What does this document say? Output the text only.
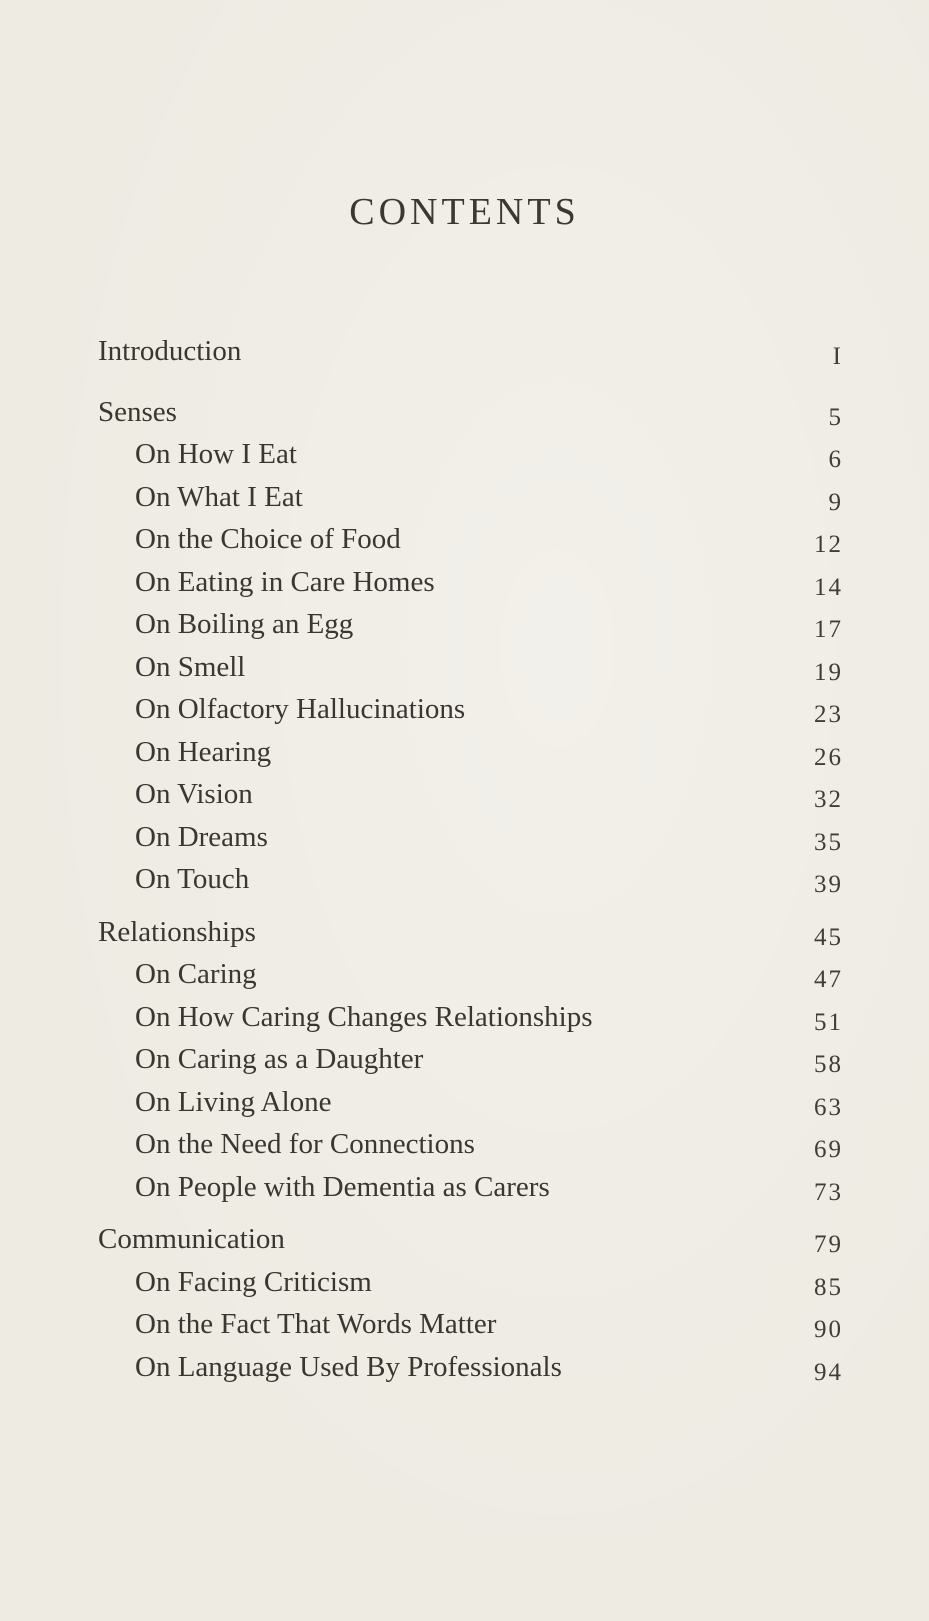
CONTENTS
Introduction	I
Senses	5
On How I Eat	6
On What I Eat	9
On the Choice of Food	12
On Eating in Care Homes	14
On Boiling an Egg	17
On Smell	19
On Olfactory Hallucinations	23
On Hearing	26
On Vision	32
On Dreams	35
On Touch	39
Relationships	45
On Caring	47
On How Caring Changes Relationships	51
On Caring as a Daughter	58
On Living Alone	63
On the Need for Connections	69
On People with Dementia as Carers	73
Communication	79
On Facing Criticism	85
On the Fact That Words Matter	90
On Language Used By Professionals	94
